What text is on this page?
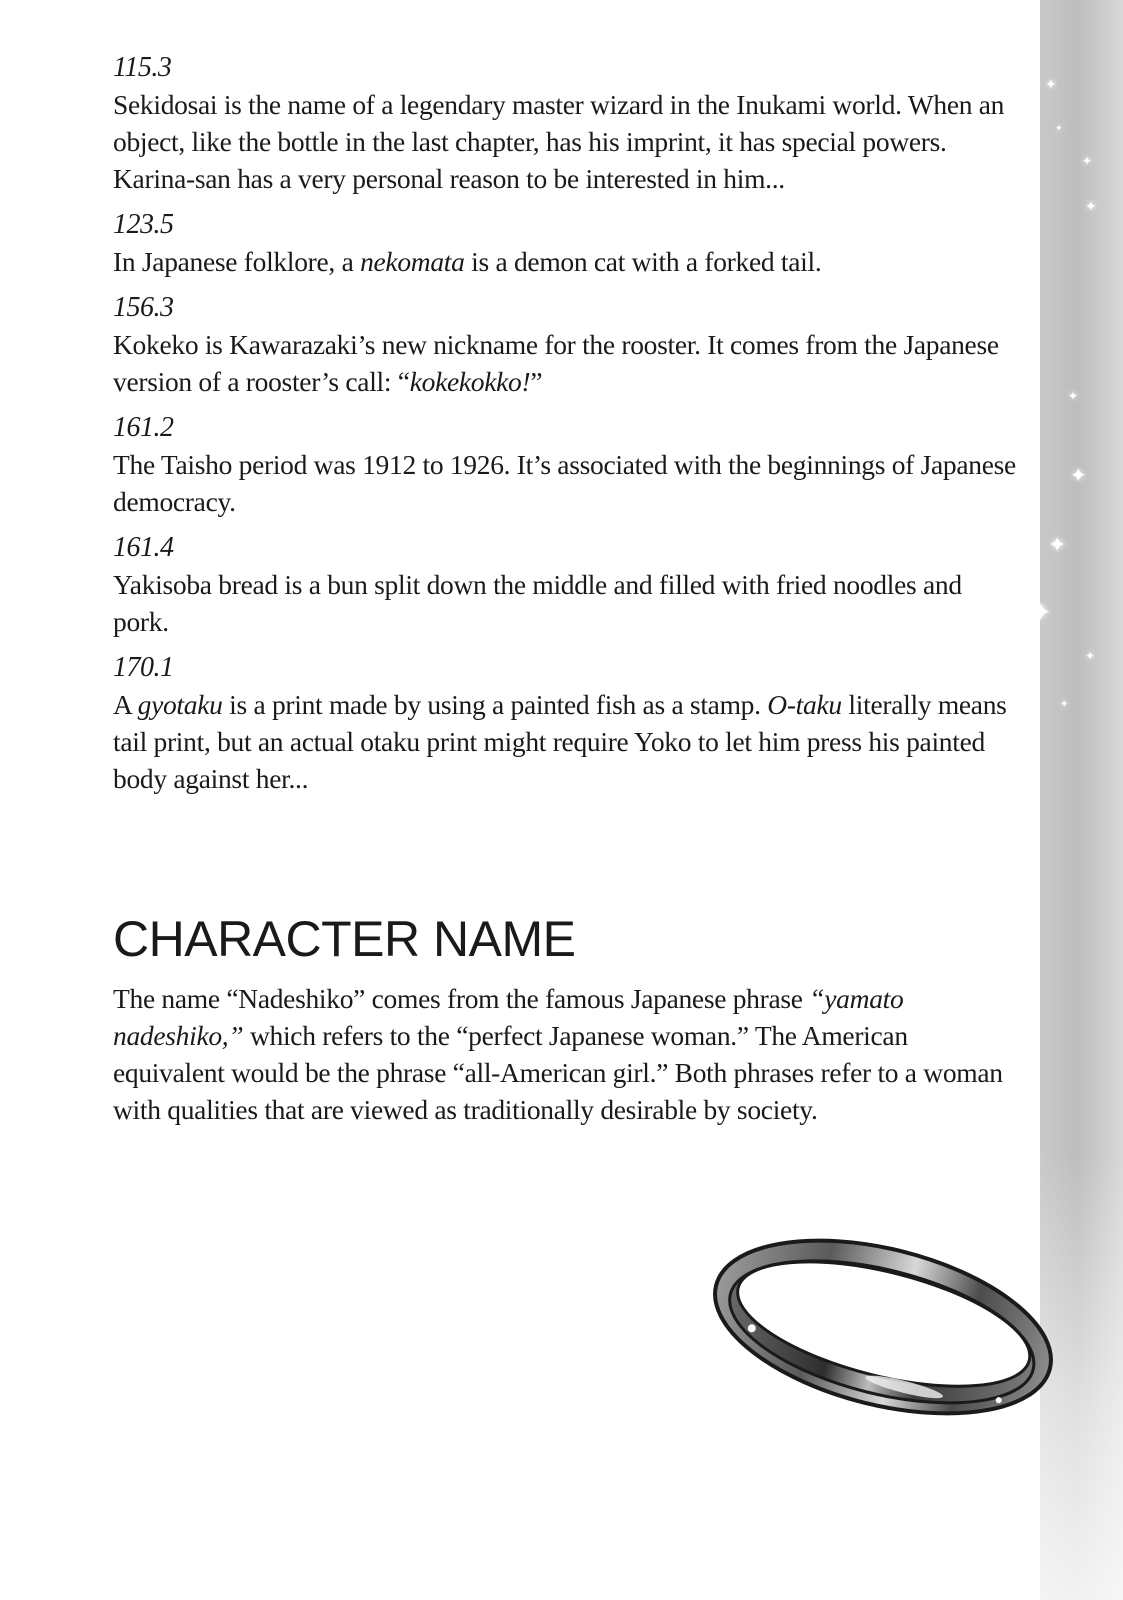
✦
✦
✦
✦
✦
✦
✦
✦
✦
✦
115.3
Sekidosai is the name of a legendary master wizard in the Inukami world. When an object, like the bottle in the last chapter, has his imprint, it has special powers. Karina-san has a very personal reason to be interested in him...
123.5
In Japanese folklore, a nekomata is a demon cat with a forked tail.
156.3
Kokeko is Kawarazaki’s new nickname for the rooster. It comes from the Japanese version of a rooster’s call: “kokekokko!”
161.2
The Taisho period was 1912 to 1926. It’s associated with the beginnings of Japanese democracy.
161.4
Yakisoba bread is a bun split down the middle and filled with fried noodles and pork.
170.1
A gyotaku is a print made by using a painted fish as a stamp. O-taku literally means tail print, but an actual otaku print might require Yoko to let him press his painted body against her...
CHARACTER NAME
The name “Nadeshiko” comes from the famous Japanese phrase “yamato nadeshiko,” which refers to the “perfect Japanese woman.” The American equivalent would be the phrase “all-American girl.” Both phrases refer to a woman with qualities that are viewed as traditionally desirable by society.
